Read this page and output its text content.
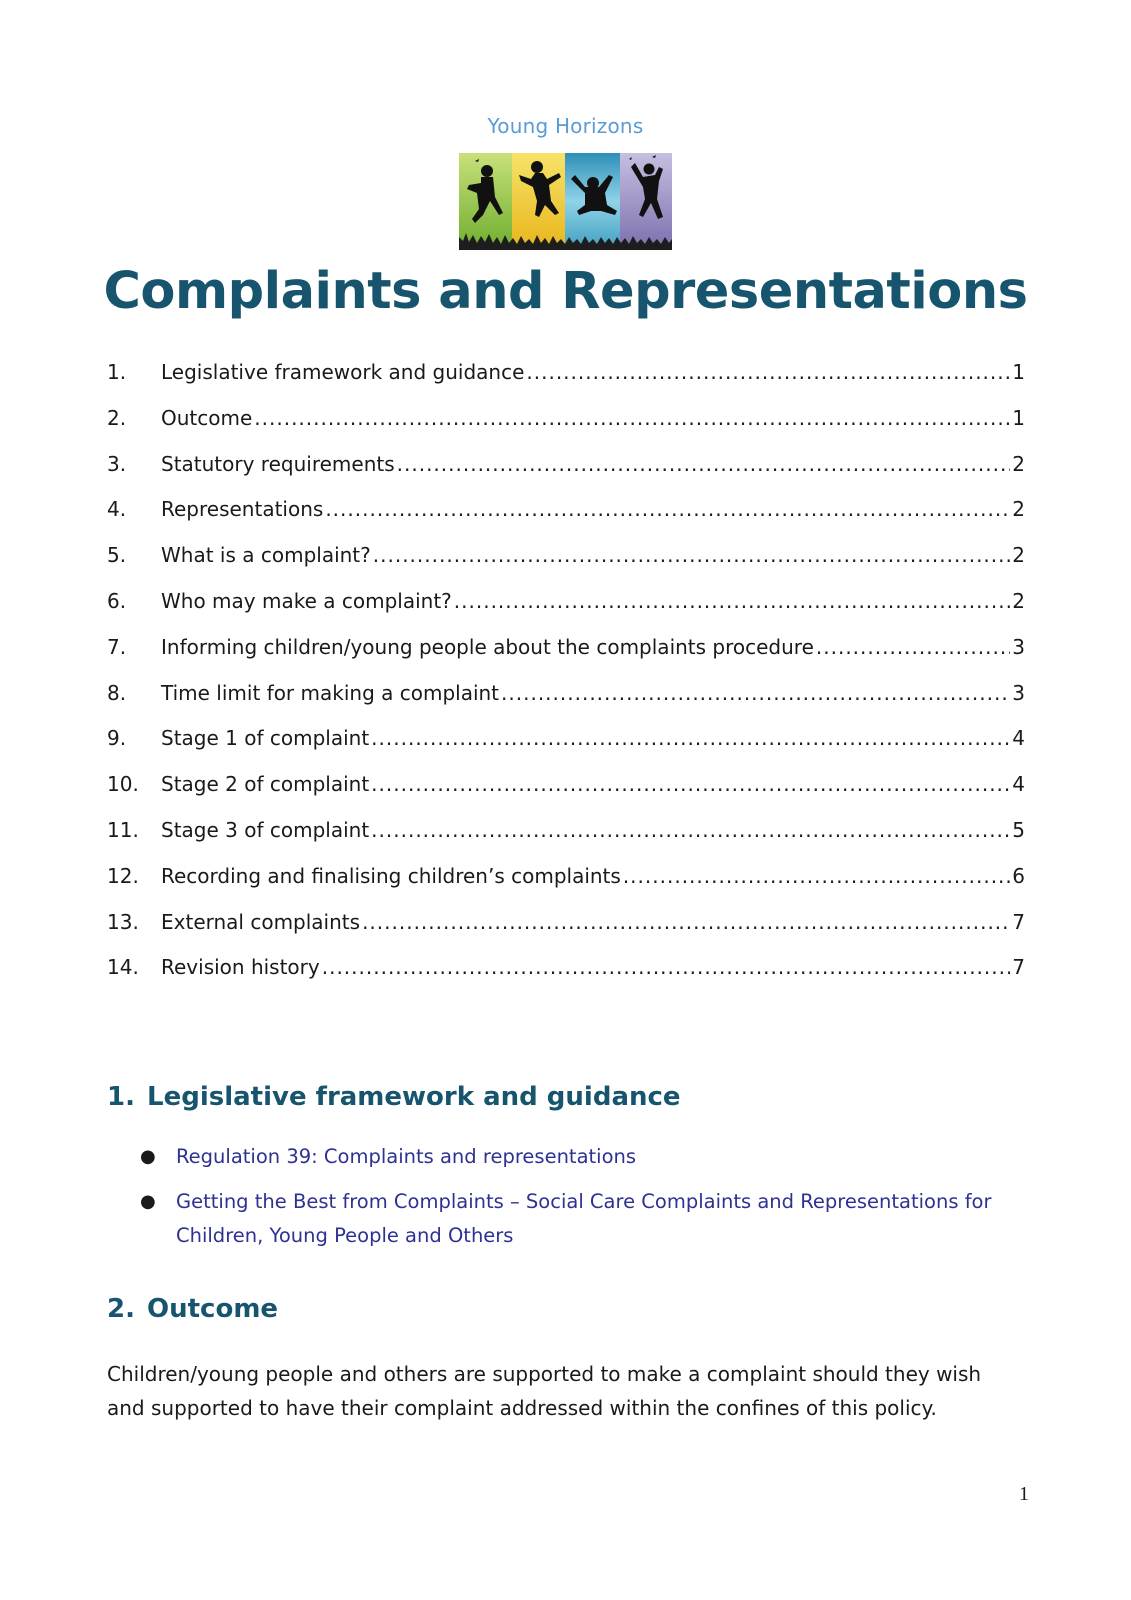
Young Horizons
Complaints and Representations
1.	Legislative framework and guidance .....	1
2.	Outcome .....	1
3.	Statutory requirements .....	2
4.	Representations .....	2
5.	What is a complaint? .....	2
6.	Who may make a complaint? .....	2
7.	Informing children/young people about the complaints procedure .....	3
8.	Time limit for making a complaint .....	3
9.	Stage 1 of complaint .....	4
10.	Stage 2 of complaint .....	4
11.	Stage 3 of complaint .....	5
12.	Recording and finalising children’s complaints .....	6
13.	External complaints .....	7
14.	Revision history .....	7
1. Legislative framework and guidance
● Regulation 39: Complaints and representations
● Getting the Best from Complaints – Social Care Complaints and Representations for Children, Young People and Others
2. Outcome

Children/young people and others are supported to make a complaint should they wish and supported to have their complaint addressed within the confines of this policy.

1
